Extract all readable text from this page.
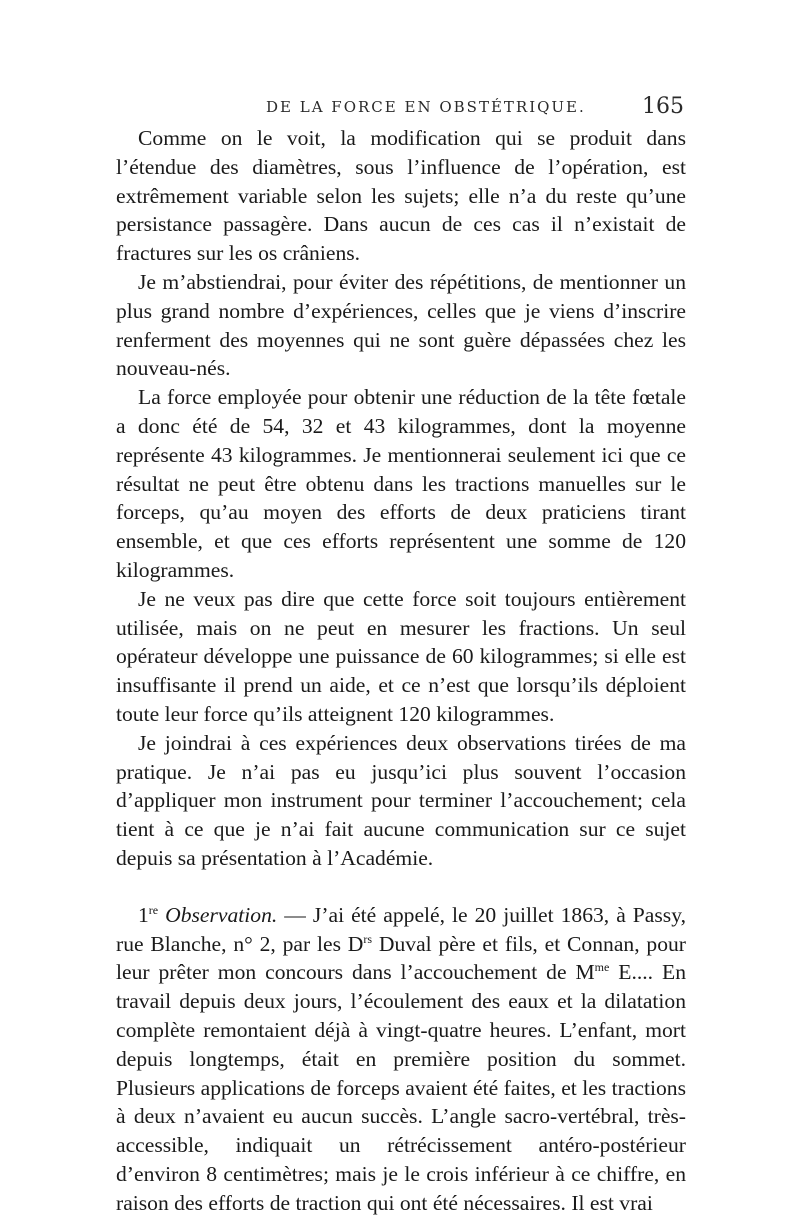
DE LA FORCE EN OBSTÉTRIQUE.	165

Comme on le voit, la modification qui se produit dans l’étendue des diamètres, sous l’influence de l’opération, est extrêmement variable selon les sujets; elle n’a du reste qu’une persistance passagère. Dans aucun de ces cas il n’existait de fractures sur les os crâniens.

Je m’abstiendrai, pour éviter des répétitions, de mentionner un plus grand nombre d’expériences, celles que je viens d’inscrire renferment des moyennes qui ne sont guère dépassées chez les nouveau-nés.

La force employée pour obtenir une réduction de la tête fœtale a donc été de 54, 32 et 43 kilogrammes, dont la moyenne représente 43 kilogrammes. Je mentionnerai seulement ici que ce résultat ne peut être obtenu dans les tractions manuelles sur le forceps, qu’au moyen des efforts de deux praticiens tirant ensemble, et que ces efforts représentent une somme de 120 kilogrammes.

Je ne veux pas dire que cette force soit toujours entièrement utilisée, mais on ne peut en mesurer les fractions. Un seul opérateur développe une puissance de 60 kilogrammes; si elle est insuffisante il prend un aide, et ce n’est que lorsqu’ils déploient toute leur force qu’ils atteignent 120 kilogrammes.

Je joindrai à ces expériences deux observations tirées de ma pratique. Je n’ai pas eu jusqu’ici plus souvent l’occasion d’appliquer mon instrument pour terminer l’accouchement; cela tient à ce que je n’ai fait aucune communication sur ce sujet depuis sa présentation à l’Académie.

1re Observation. — J’ai été appelé, le 20 juillet 1863, à Passy, rue Blanche, n° 2, par les $D^{rs}$ Duval père et fils, et Connan, pour leur prêter mon concours dans l’accouchement de $M^{me}$ E.... En travail depuis deux jours, l’écoulement des eaux et la dilatation complète remontaient déjà à vingt-quatre heures. L’enfant, mort depuis longtemps, était en première position du sommet. Plusieurs applications de forceps avaient été faites, et les tractions à deux n’avaient eu aucun succès. L’angle sacro-vertébral, très-accessible, indiquait un rétrécissement antéro-postérieur d’environ 8 centimètres; mais je le crois inférieur à ce chiffre, en raison des efforts de traction qui ont été nécessaires. Il est vrai
